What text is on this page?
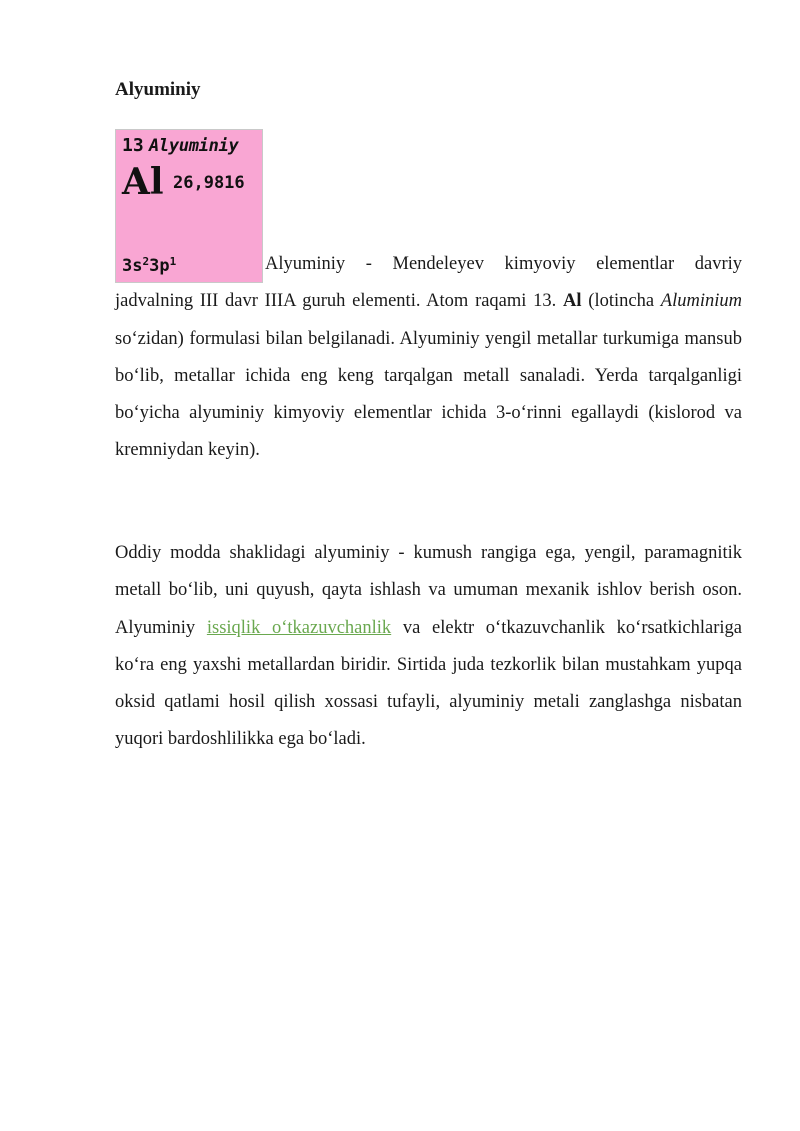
Alyuminiy

13 Alyuminiy
Al 26,9816
$3s^23p^1$	Alyuminiy - Mendeleyev kimyoviy elementlar davriy jadvalning III davr IIIA guruh elementi. Atom raqami 13. Al (lotincha Aluminium so‘zidan) formulasi bilan belgilanadi. Alyuminiy yengil metallar turkumiga mansub bo‘lib, metallar ichida eng keng tarqalgan metall sanaladi. Yerda tarqalganligi bo‘yicha alyuminiy kimyoviy elementlar ichida 3-o‘rinni egallaydi (kislorod va kremniydan keyin).

Oddiy modda shaklidagi alyuminiy - kumush rangiga ega, yengil, paramagnitik metall bo‘lib, uni quyush, qayta ishlash va umuman mexanik ishlov berish oson. Alyuminiy issiqlik o‘tkazuvchanlik va elektr o‘tkazuvchanlik ko‘rsatkichlariga ko‘ra eng yaxshi metallardan biridir. Sirtida juda tezkorlik bilan mustahkam yupqa oksid qatlami hosil qilish xossasi tufayli, alyuminiy metali zanglashga nisbatan yuqori bardoshlilikka ega bo‘ladi.
